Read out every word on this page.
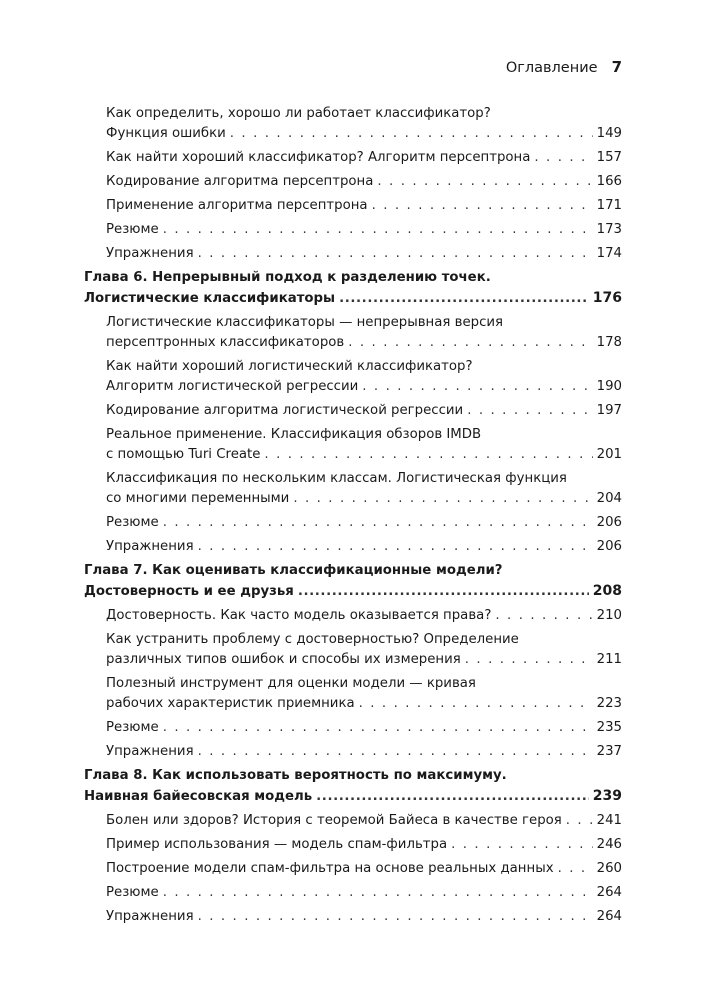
Оглавление 7
Как определить, хорошо ли работает классификатор?
Функция ошибки . . .	149
Как найти хороший классификатор? Алгоритм персептрона . . .	157
Кодирование алгоритма персептрона . . .	166
Применение алгоритма персептрона . . .	171
Резюме . . .	173
Упражнения . . .	174
Глава 6. Непрерывный подход к разделению точек.
Логистические классификаторы .....	176
Логистические классификаторы — непрерывная версия
персептронных классификаторов . . .	178
Как найти хороший логистический классификатор?
Алгоритм логистической регрессии . . .	190
Кодирование алгоритма логистической регрессии . . .	197
Реальное применение. Классификация обзоров IMDB
с помощью Turi Create . . .	201
Классификация по нескольким классам. Логистическая функция
со многими переменными . . .	204
Резюме . . .	206
Упражнения . . .	206
Глава 7. Как оценивать классификационные модели?
Достоверность и ее друзья .....	208
Достоверность. Как часто модель оказывается права? . . .	210
Как устранить проблему с достоверностью? Определение
различных типов ошибок и способы их измерения . . .	211
Полезный инструмент для оценки модели — кривая
рабочих характеристик приемника . . .	223
Резюме . . .	235
Упражнения . . .	237
Глава 8. Как использовать вероятность по максимуму.
Наивная байесовская модель .....	239
Болен или здоров? История с теоремой Байеса в качестве героя . . .	241
Пример использования — модель спам-фильтра . . .	246
Построение модели спам-фильтра на основе реальных данных . . .	260
Резюме . . .	264
Упражнения . . .	264
